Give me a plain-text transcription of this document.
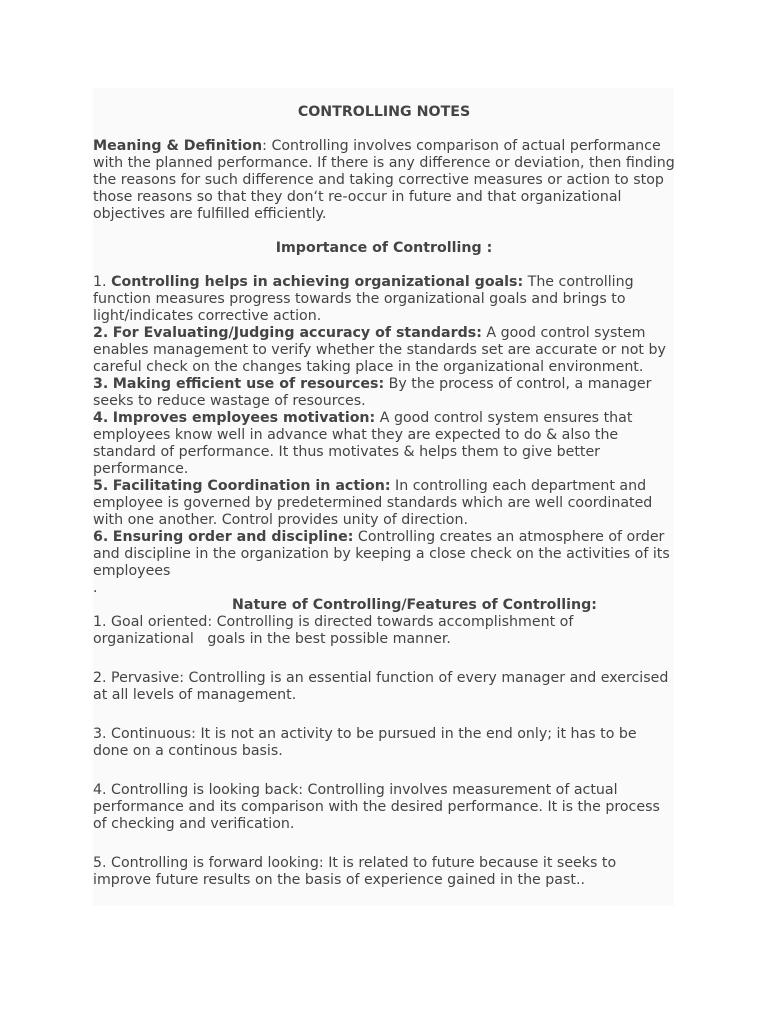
CONTROLLING NOTES

Meaning & Definition: Controlling involves comparison of actual performance with the planned performance. If there is any difference or deviation, then finding the reasons for such difference and taking corrective measures or action to stop those reasons so that they don‘t re-occur in future and that organizational objectives are fulfilled efficiently.

Importance of Controlling :

1. Controlling helps in achieving organizational goals: The controlling function measures progress towards the organizational goals and brings to light/indicates corrective action.

2. For Evaluating/Judging accuracy of standards: A good control system enables management to verify whether the standards set are accurate or not by careful check on the changes taking place in the organizational environment.

3. Making efficient use of resources: By the process of control, a manager seeks to reduce wastage of resources.

4. Improves employees motivation: A good control system ensures that employees know well in advance what they are expected to do & also the standard of performance. It thus motivates & helps them to give better performance.

5. Facilitating Coordination in action: In controlling each department and employee is governed by predetermined standards which are well coordinated with one another. Control provides unity of direction.

6. Ensuring order and discipline: Controlling creates an atmosphere of order and discipline in the organization by keeping a close check on the activities of its employees

.

Nature of Controlling/Features of Controlling:

1. Goal oriented: Controlling is directed towards accomplishment of organizational   goals in the best possible manner.

2. Pervasive: Controlling is an essential function of every manager and exercised at all levels of management.

3. Continuous: It is not an activity to be pursued in the end only; it has to be done on a continous basis.

4. Controlling is looking back: Controlling involves measurement of actual performance and its comparison with the desired performance. It is the process of checking and verification.

5. Controlling is forward looking: It is related to future because it seeks to improve future results on the basis of experience gained in the past..
